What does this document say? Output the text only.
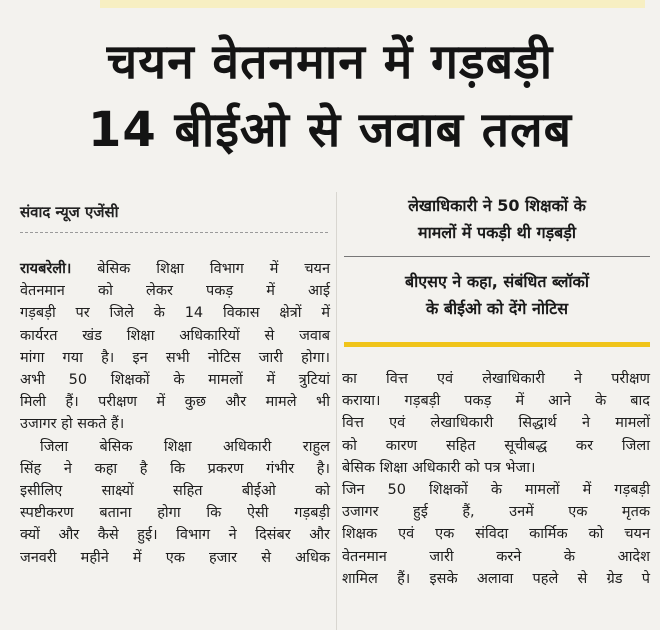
चयन वेतनमान में गड़बड़ी
14 बीईओ से जवाब तलब
संवाद न्यूज एजेंसी	लेखाधिकारी ने 50 शिक्षकों के
मामलों में पकड़ी थी गड़बड़ी
बीएसए ने कहा, संबंधित ब्लॉकों
के बीईओ को देंगे नोटिस

रायबरेली। बेसिक शिक्षा विभाग में चयन

वेतनमान को लेकर पकड़ में आई

गड़बड़ी पर जिले के 14 विकास क्षेत्रों में

कार्यरत खंड शिक्षा अधिकारियों से जवाब

मांगा गया है। इन सभी नोटिस जारी होगा।

अभी 50 शिक्षकों के मामलों में त्रुटियां

मिली हैं। परीक्षण में कुछ और मामले भी

उजागर हो सकते हैं।

जिला बेसिक शिक्षा अधिकारी राहुल

सिंह ने कहा है कि प्रकरण गंभीर है।

इसीलिए साक्ष्यों सहित बीईओ को

स्पष्टीकरण बताना होगा कि ऐसी गड़बड़ी

क्यों और कैसे हुई। विभाग ने दिसंबर और

जनवरी महीने में एक हजार से अधिक

का वित्त एवं लेखाधिकारी ने परीक्षण

कराया। गड़बड़ी पकड़ में आने के बाद

वित्त एवं लेखाधिकारी सिद्धार्थ ने मामलों

को कारण सहित सूचीबद्ध कर जिला

बेसिक शिक्षा अधिकारी को पत्र भेजा।

जिन 50 शिक्षकों के मामलों में गड़बड़ी

उजागर हुई हैं, उनमें एक मृतक

शिक्षक एवं एक संविदा कार्मिक को चयन

वेतनमान जारी करने के आदेश

शामिल हैं। इसके अलावा पहले से ग्रेड पे
